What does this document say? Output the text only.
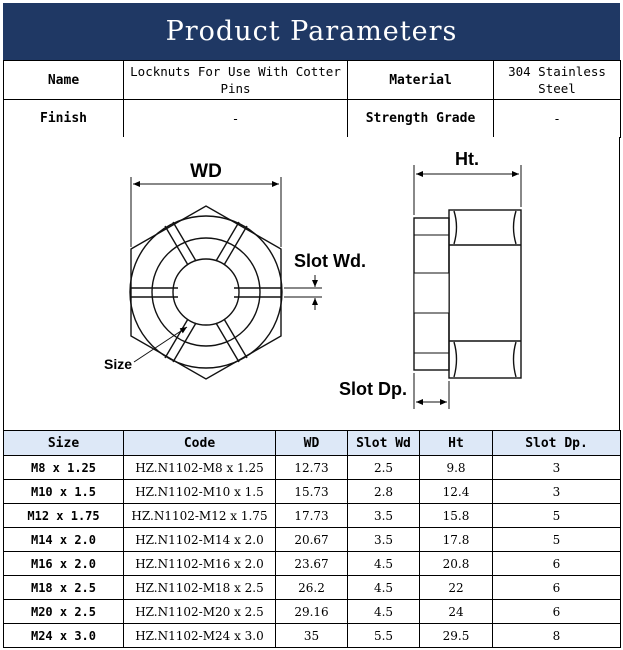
Product Parameters
Name	Locknuts For Use With Cotter Pins	Material	304 Stainless Steel
Finish	-	Strength Grade	-
WD
Ht.
Slot Wd.
Slot Dp.
Size
Size	Code	WD	Slot Wd	Ht	Slot Dp.
M8 x 1.25	HZ.N1102-M8 x 1.25	12.73	2.5	9.8	3
M10 x 1.5	HZ.N1102-M10 x 1.5	15.73	2.8	12.4	3
M12 x 1.75	HZ.N1102-M12 x 1.75	17.73	3.5	15.8	5
M14 x 2.0	HZ.N1102-M14 x 2.0	20.67	3.5	17.8	5
M16 x 2.0	HZ.N1102-M16 x 2.0	23.67	4.5	20.8	6
M18 x 2.5	HZ.N1102-M18 x 2.5	26.2	4.5	22	6
M20 x 2.5	HZ.N1102-M20 x 2.5	29.16	4.5	24	6
M24 x 3.0	HZ.N1102-M24 x 3.0	35	5.5	29.5	8
